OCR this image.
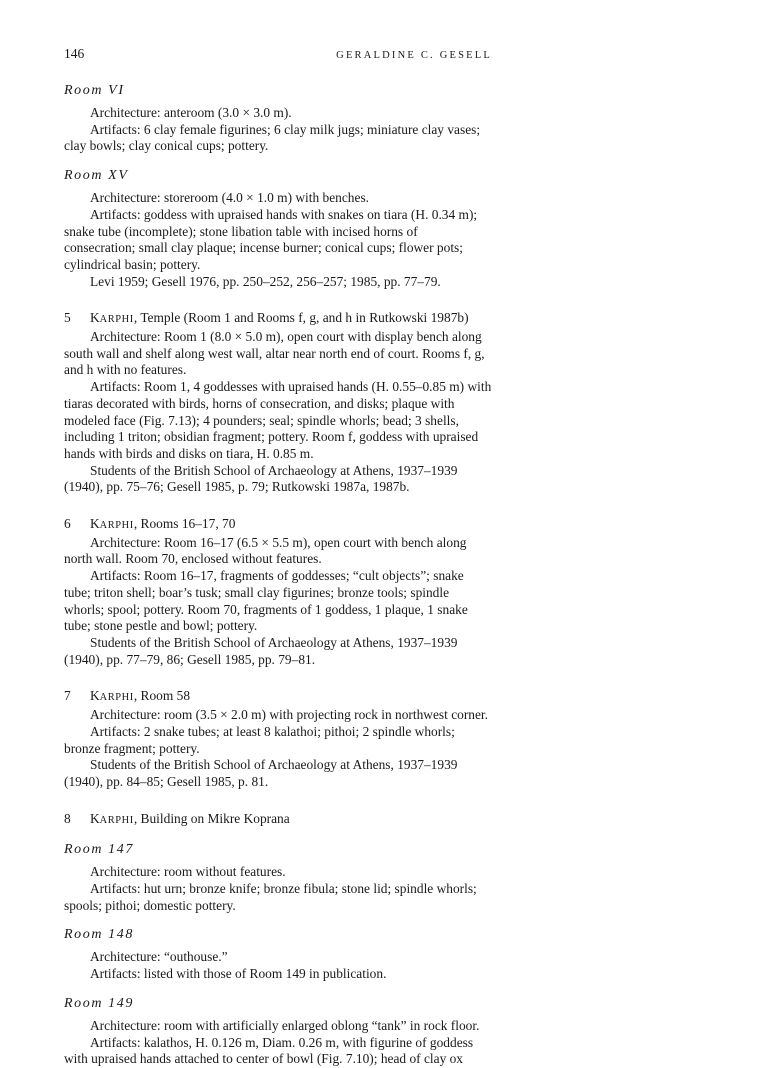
146	GERALDINE C. GESELL
Room VI

Architecture: anteroom (3.0 × 3.0 m).

Artifacts: 6 clay female figurines; 6 clay milk jugs; miniature clay vases; clay bowls; clay conical cups; pottery.

Room XV

Architecture: storeroom (4.0 × 1.0 m) with benches.

Artifacts: goddess with upraised hands with snakes on tiara (H. 0.34 m); snake tube (incomplete); stone libation table with incised horns of consecration; small clay plaque; incense burner; conical cups; flower pots; cylindrical basin; pottery.

Levi 1959; Gesell 1976, pp. 250–252, 256–257; 1985, pp. 77–79.

5	KARPHI, Temple (Room 1 and Rooms f, g, and h in Rutkowski 1987b)

Architecture: Room 1 (8.0 × 5.0 m), open court with display bench along south wall and shelf along west wall, altar near north end of court. Rooms f, g, and h with no features.

Artifacts: Room 1, 4 goddesses with upraised hands (H. 0.55–0.85 m) with tiaras decorated with birds, horns of consecration, and disks; plaque with modeled face (Fig. 7.13); 4 pounders; seal; spindle whorls; bead; 3 shells, including 1 triton; obsidian fragment; pottery. Room f, goddess with upraised hands with birds and disks on tiara, H. 0.85 m.

Students of the British School of Archaeology at Athens, 1937–1939 (1940), pp. 75–76; Gesell 1985, p. 79; Rutkowski 1987a, 1987b.

6	KARPHI, Rooms 16–17, 70

Architecture: Room 16–17 (6.5 × 5.5 m), open court with bench along north wall. Room 70, enclosed without features.

Artifacts: Room 16–17, fragments of goddesses; “cult objects”; snake tube; triton shell; boar’s tusk; small clay figurines; bronze tools; spindle whorls; spool; pottery. Room 70, fragments of 1 goddess, 1 plaque, 1 snake tube; stone pestle and bowl; pottery.

Students of the British School of Archaeology at Athens, 1937–1939 (1940), pp. 77–79, 86; Gesell 1985, pp. 79–81.

7	KARPHI, Room 58

Architecture: room (3.5 × 2.0 m) with projecting rock in northwest corner.

Artifacts: 2 snake tubes; at least 8 kalathoi; pithoi; 2 spindle whorls; bronze fragment; pottery.

Students of the British School of Archaeology at Athens, 1937–1939 (1940), pp. 84–85; Gesell 1985, p. 81.

8	KARPHI, Building on Mikre Koprana
Room 147

Architecture: room without features.

Artifacts: hut urn; bronze knife; bronze fibula; stone lid; spindle whorls; spools; pithoi; domestic pottery.

Room 148

Architecture: “outhouse.”

Artifacts: listed with those of Room 149 in publication.

Room 149

Architecture: room with artificially enlarged oblong “tank” in rock floor.

Artifacts: kalathos, H. 0.126 m, Diam. 0.26 m, with figurine of goddess with upraised hands attached to center of bowl (Fig. 7.10); head of clay ox
